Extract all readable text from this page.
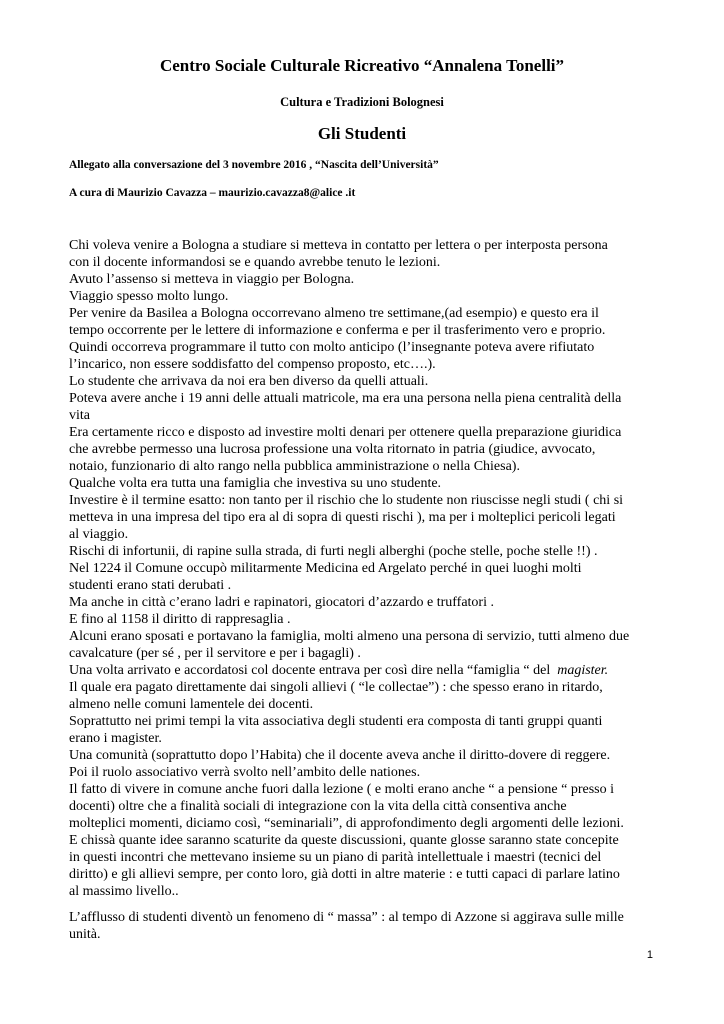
Centro Sociale Culturale Ricreativo “Annalena Tonelli”
Cultura e Tradizioni Bolognesi
Gli Studenti

Allegato alla conversazione del 3 novembre 2016 , “Nascita dell’Università”

A cura di Maurizio Cavazza – maurizio.cavazza8@alice .it

Chi voleva venire a Bologna a studiare si metteva in contatto per lettera o per interposta persona
con il docente informandosi se e quando avrebbe tenuto le lezioni.
Avuto l’assenso si metteva in viaggio per Bologna.
Viaggio spesso molto lungo.
Per venire da Basilea a Bologna occorrevano almeno tre settimane,(ad esempio) e questo era il
tempo occorrente per le lettere di informazione e conferma e per il trasferimento vero e proprio.
Quindi occorreva programmare il tutto con molto anticipo (l’insegnante poteva avere rifiutato
l’incarico, non essere soddisfatto del compenso proposto, etc….).
Lo studente che arrivava da noi era ben diverso da quelli attuali.
Poteva avere anche i 19 anni delle attuali matricole, ma era una persona nella piena centralità della
vita
Era certamente ricco e disposto ad investire molti denari per ottenere quella preparazione giuridica
che avrebbe permesso una lucrosa professione una volta ritornato in patria (giudice, avvocato,
notaio, funzionario di alto rango nella pubblica amministrazione o nella Chiesa).
Qualche volta era tutta una famiglia che investiva su uno studente.
Investire è il termine esatto: non tanto per il rischio che lo studente non riuscisse negli studi ( chi si
metteva in una impresa del tipo era al di sopra di questi rischi ), ma per i molteplici pericoli legati
al viaggio.
Rischi di infortunii, di rapine sulla strada, di furti negli alberghi (poche stelle, poche stelle !!) .
Nel 1224 il Comune occupò militarmente Medicina ed Argelato perché in quei luoghi molti
studenti erano stati derubati .
Ma anche in città c’erano ladri e rapinatori, giocatori d’azzardo e truffatori .
E fino al 1158 il diritto di rappresaglia .
Alcuni erano sposati e portavano la famiglia, molti almeno una persona di servizio, tutti almeno due
cavalcature (per sé , per il servitore e per i bagagli) .
Una volta arrivato e accordatosi col docente entrava per così dire nella “famiglia “ del magister.
Il quale era pagato direttamente dai singoli allievi ( “le collectae”) : che spesso erano in ritardo,
almeno nelle comuni lamentele dei docenti.
Soprattutto nei primi tempi la vita associativa degli studenti era composta di tanti gruppi quanti
erano i magister.
Una comunità (soprattutto dopo l’Habita) che il docente aveva anche il diritto-dovere di reggere.
Poi il ruolo associativo verrà svolto nell’ambito delle nationes.
Il fatto di vivere in comune anche fuori dalla lezione ( e molti erano anche “ a pensione “ presso i
docenti) oltre che a finalità sociali di integrazione con la vita della città consentiva anche
molteplici momenti, diciamo così, “seminariali”, di approfondimento degli argomenti delle lezioni.
E chissà quante idee saranno scaturite da queste discussioni, quante glosse saranno state concepite
in questi incontri che mettevano insieme su un piano di parità intellettuale i maestri (tecnici del
diritto) e gli allievi sempre, per conto loro, già dotti in altre materie : e tutti capaci di parlare latino
al massimo livello..
L’afflusso di studenti diventò un fenomeno di “ massa” : al tempo di Azzone si aggirava sulle mille
unità.
1
